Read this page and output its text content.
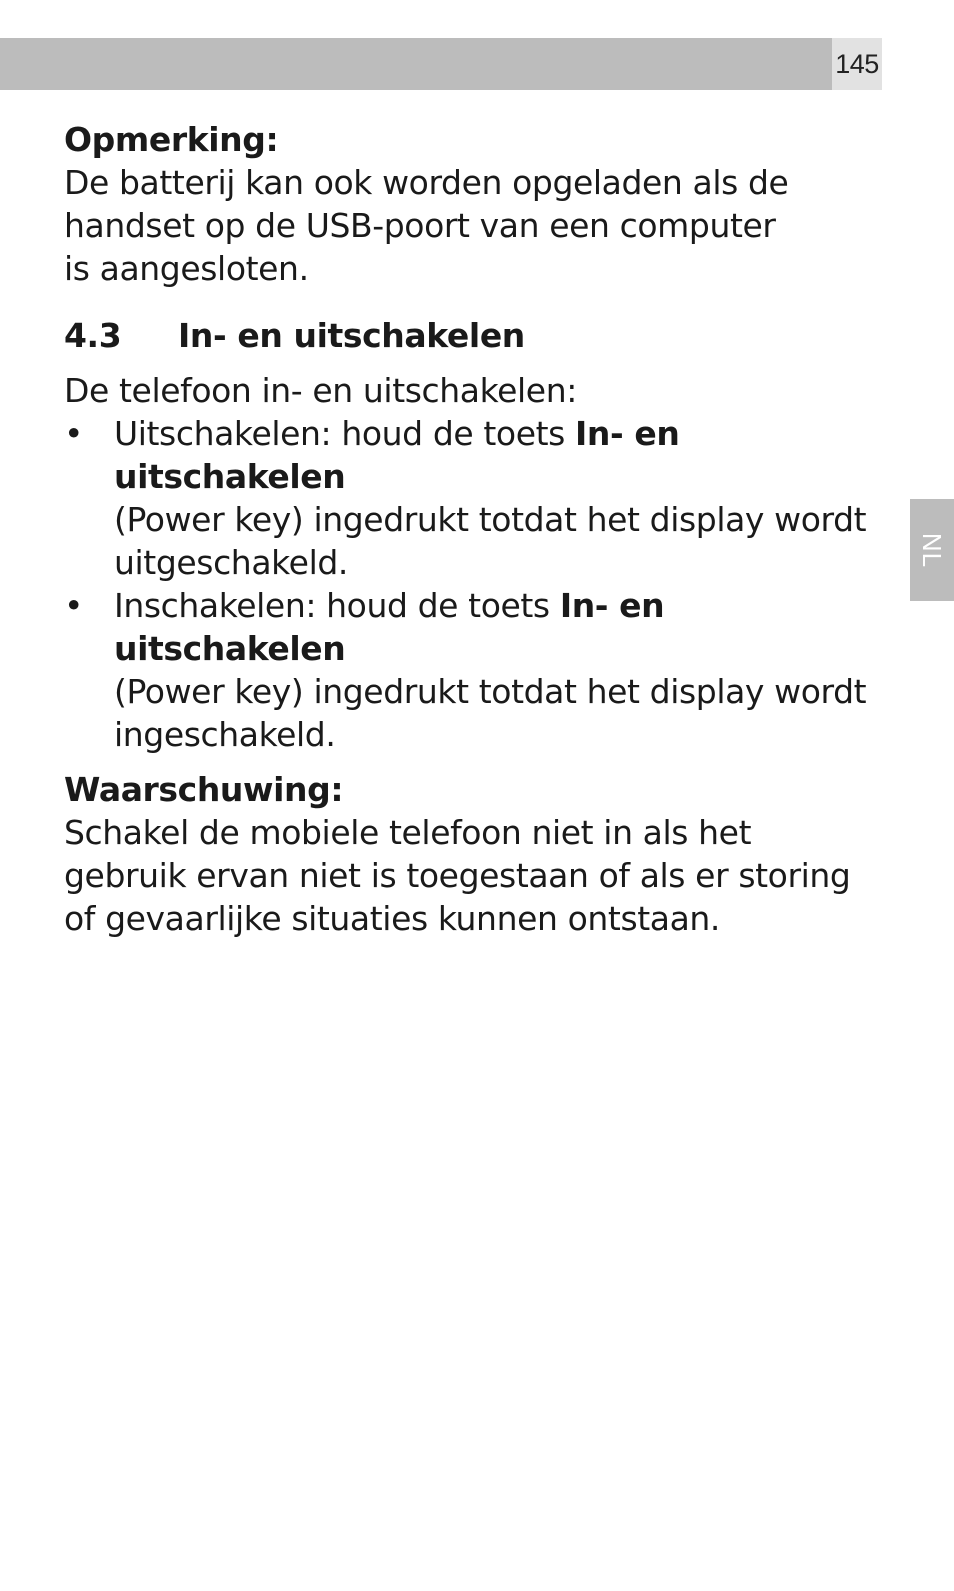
145
NL

Opmerking:

De batterij kan ook worden opgeladen als de

handset op de USB-poort van een computer

is aangesloten.

4.3	In- en uitschakelen

De telefoon in- en uitschakelen:

• Uitschakelen: houd de toets In- en uitschakelen
(Power key) ingedrukt totdat het display wordt
uitgeschakeld.
• Inschakelen: houd de toets In- en uitschakelen
(Power key) ingedrukt totdat het display wordt
ingeschakeld.

Waarschuwing:

Schakel de mobiele telefoon niet in als het

gebruik ervan niet is toegestaan of als er storing

of gevaarlijke situaties kunnen ontstaan.
